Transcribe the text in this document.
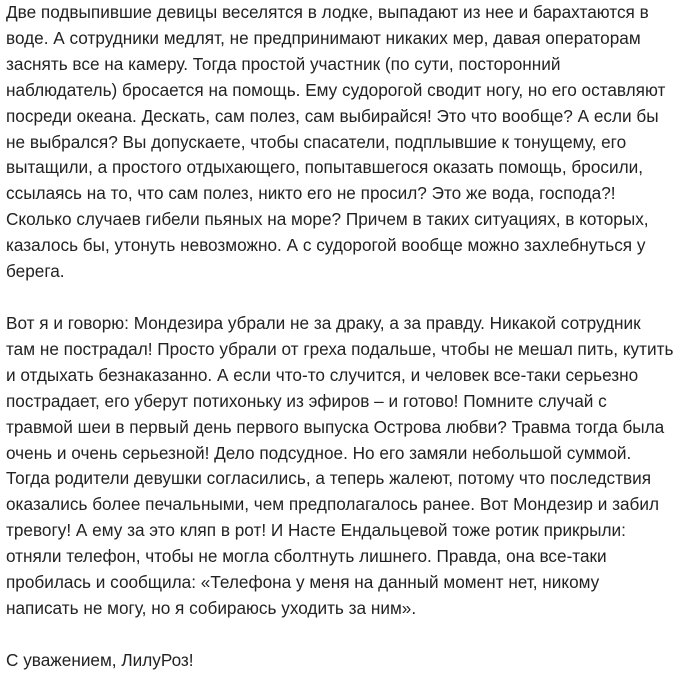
Две подвыпившие девицы веселятся в лодке, выпадают из нее и барахтаются в
воде. А сотрудники медлят, не предпринимают никаких мер, давая операторам
заснять все на камеру. Тогда простой участник (по сути, посторонний
наблюдатель) бросается на помощь. Ему судорогой сводит ногу, но его оставляют
посреди океана. Дескать, сам полез, сам выбирайся! Это что вообще? А если бы
не выбрался? Вы допускаете, чтобы спасатели, подплывшие к тонущему, его
вытащили, а простого отдыхающего, попытавшегося оказать помощь, бросили,
ссылаясь на то, что сам полез, никто его не просил? Это же вода, господа?!
Сколько случаев гибели пьяных на море? Причем в таких ситуациях, в которых,
казалось бы, утонуть невозможно. А с судорогой вообще можно захлебнуться у
берега.

Вот я и говорю: Мондезира убрали не за драку, а за правду. Никакой сотрудник
там не пострадал! Просто убрали от греха подальше, чтобы не мешал пить, кутить
и отдыхать безнаказанно. А если что-то случится, и человек все-таки серьезно
пострадает, его уберут потихоньку из эфиров – и готово! Помните случай с
травмой шеи в первый день первого выпуска Острова любви? Травма тогда была
очень и очень серьезной! Дело подсудное. Но его замяли небольшой суммой.
Тогда родители девушки согласились, а теперь жалеют, потому что последствия
оказались более печальными, чем предполагалось ранее. Вот Мондезир и забил
тревогу! А ему за это кляп в рот! И Насте Ендальцевой тоже ротик прикрыли:
отняли телефон, чтобы не могла сболтнуть лишнего. Правда, она все-таки
пробилась и сообщила: «Телефона у меня на данный момент нет, никому
написать не могу, но я собираюсь уходить за ним».

С уважением, ЛилуРоз!
